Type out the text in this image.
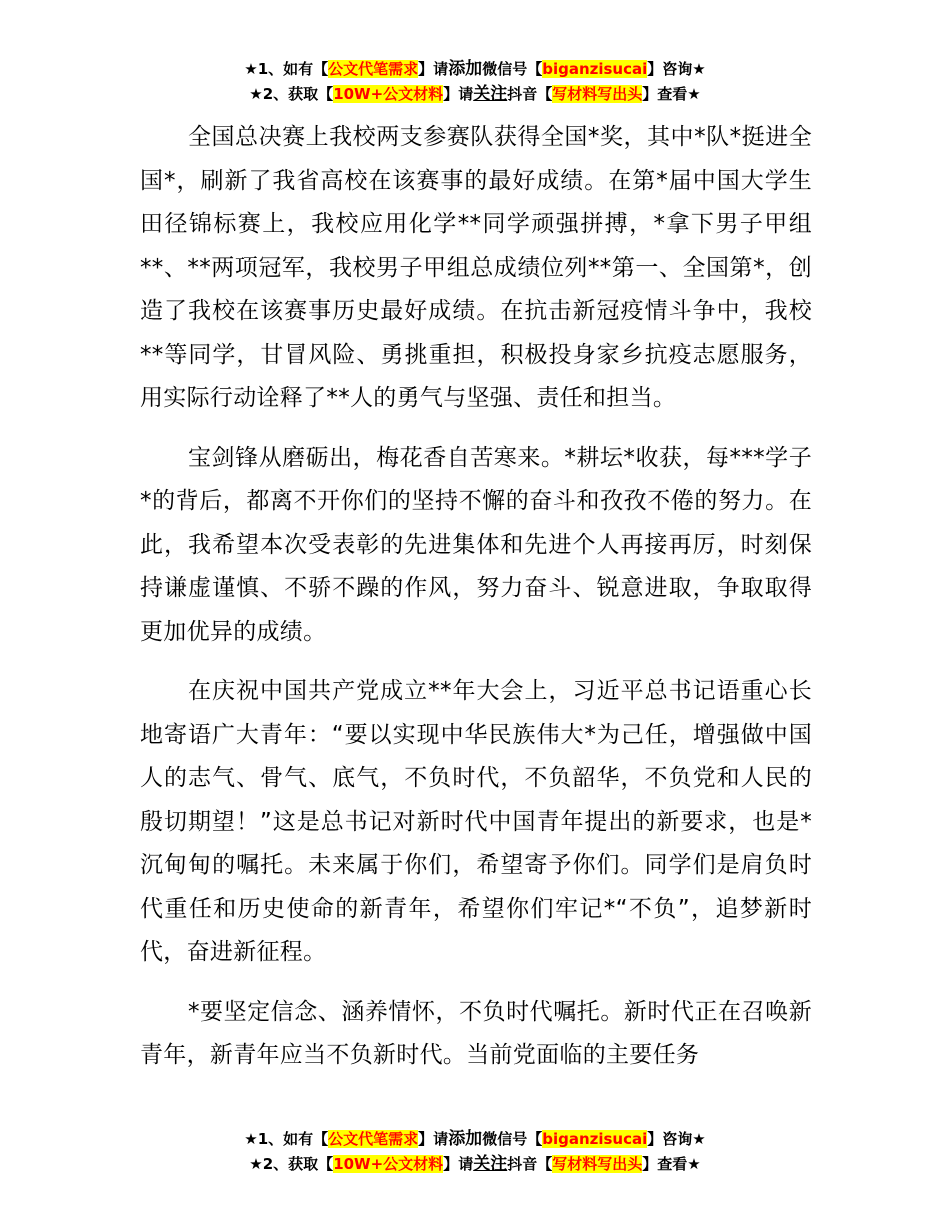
★1、如有【公文代笔需求】请添加微信号【biganzisucai】咨询★
★2、获取【10W+公文材料】请关注抖音【写材料写出头】查看★

全国总决赛上我校两支参赛队获得全国*奖，其中*队*挺进全国*，刷新了我省高校在该赛事的最好成绩。在第*届中国大学生田径锦标赛上，我校应用化学**同学顽强拼搏，*拿下男子甲组**、**两项冠军，我校男子甲组总成绩位列**第一、全国第*，创造了我校在该赛事历史最好成绩。在抗击新冠疫情斗争中，我校**等同学，甘冒风险、勇挑重担，积极投身家乡抗疫志愿服务，用实际行动诠释了**人的勇气与坚强、责任和担当。

宝剑锋从磨砺出，梅花香自苦寒来。*耕坛*收获，每***学子*的背后，都离不开你们的坚持不懈的奋斗和孜孜不倦的努力。在此，我希望本次受表彰的先进集体和先进个人再接再厉，时刻保持谦虚谨慎、不骄不躁的作风，努力奋斗、锐意进取，争取取得更加优异的成绩。

在庆祝中国共产党成立**年大会上，习近平总书记语重心长地寄语广大青年：“要以实现中华民族伟大*为己任，增强做中国人的志气、骨气、底气，不负时代，不负韶华，不负党和人民的殷切期望！”这是总书记对新时代中国青年提出的新要求，也是*沉甸甸的嘱托。未来属于你们，希望寄予你们。同学们是肩负时代重任和历史使命的新青年，希望你们牢记*“不负”，追梦新时代，奋进新征程。

*要坚定信念、涵养情怀，不负时代嘱托。新时代正在召唤新青年，新青年应当不负新时代。当前党面临的主要任务

★1、如有【公文代笔需求】请添加微信号【biganzisucai】咨询★
★2、获取【10W+公文材料】请关注抖音【写材料写出头】查看★
